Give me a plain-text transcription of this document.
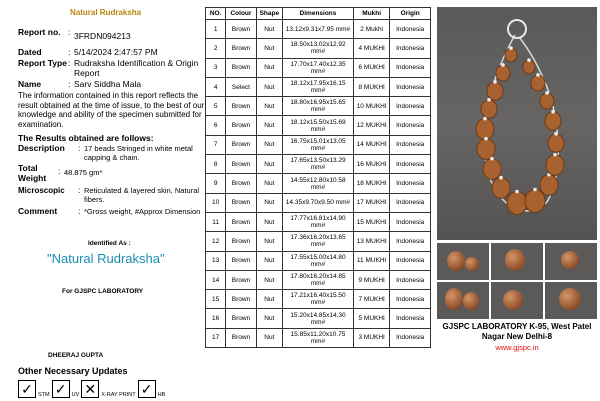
Natural Rudraksha
Report no. : 3FRDN094213
Dated	: 5/14/2024 2:47:57 PM
Report Type : Rudraksha Identification & Origin Report
Name	: Sarv Siddha Mala
The information contained in this report reflects the result obtained at the time of issue, to the best of our knowledge and ability of the specimen submitted for examination.
The Results obtained are follows:
Description	: 17 beads Stringed in white metal capping & chain.
Total Weight
: 48.875 gm*
Microscopic	: Reticulated & layered skin, Natural fibers.
Comment	: *Gross weight, #Approx Dimension
Identified As :
"Natural Rudraksha"
For GJSPC LABORATORY
DHEERAJ GUPTA
Other Necessary Updates
✓ STM ✓ UV ✕ X-RAY PRINT ✓ HB
NO.	Colour	Shape	Dimensions	Mukhi	Origin
1	Brown	Nut	13.12x9.31x7.95 mm#	2 Mukhi	Indonesia
2	Brown	Nut	18.50x13.02x12.92 mm#	4 MUKHI	Indonesia
3	Brown	Nut	17.70x17.40x12.35 mm#	6 MUKHI	Indonesia
4	Select	Nut	18.12x17.95x16.15 mm#	8 MUKHI	Indonesia
5	Brown	Nut	18.80x16.95x15.65 mm#	10 MUKHI	Indonesia
6	Brown	Nut	18.12x15.50x15.69 mm#	12 MUKHI	Indonesia
7	Brown	Nut	16.75x15.01x13.05 mm#	14 MUKHI	Indonesia
8	Brown	Nut	17.65x13.50x13.29 mm#	16 MUKHI	Indonesia
9	Brown	Nut	14.55x12.80x10.58 mm#	18 MUKHI	Indonesia
10	Brown	Nut	14.35x9.70x9.50 mm#	17 MUKHI	Indonesia
11	Brown	Nut	17.77x16.81x14.90 mm#	15 MUKHI	Indonesia
12	Brown	Nut	17.36x16.20x13.65 mm#	13 MUKHI	Indonesia
13	Brown	Nut	17.55x15.00x14.80 mm#	11 MUKHI	Indonesia
14	Brown	Nut	17.80x16.20x14.85 mm#	9 MUKHI	Indonesia
15	Brown	Nut	17.21x16.40x15.50 mm#	7 MUKHI	Indonesia
16	Brown	Nut	15.20x14.85x14.30 mm#	5 MUKHI	Indonesia
17	Brown	Nut	15.85x11.20x10.75 mm#	3 MUKHI	Indonesia
GJSPC LABORATORY K-95, West Patel Nagar New Delhi-8
www.gjspc.in
